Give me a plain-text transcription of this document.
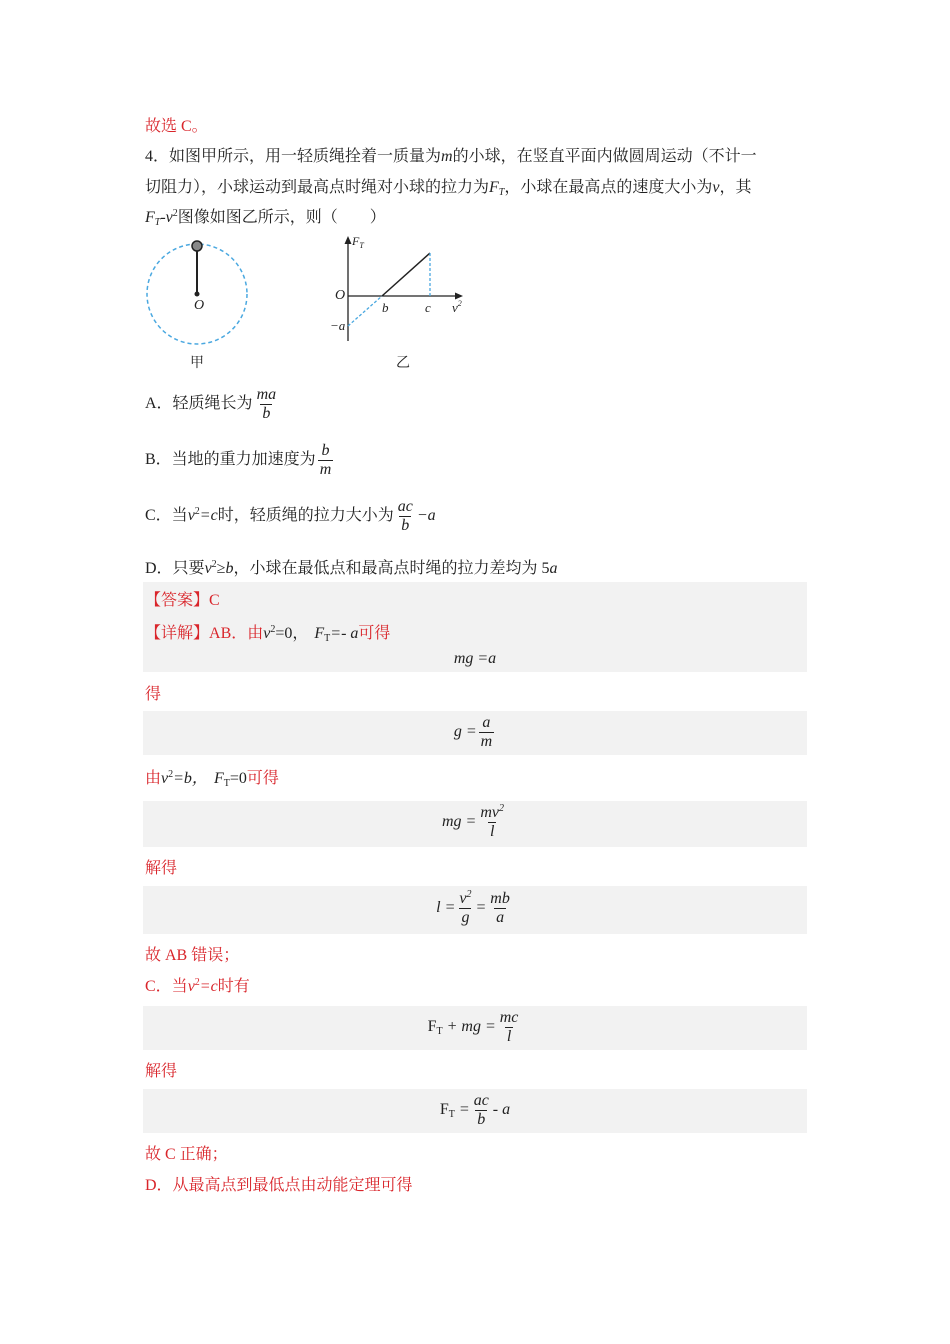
故选 C。
4．如图甲所示，用一轻质绳拴着一质量为m的小球，在竖直平面内做圆周运动（不计一
切阻力），小球运动到最高点时绳对小球的拉力为$F_T$，小球在最高点的速度大小为v，其
$F_T-v^2$图像如图乙所示，则（　　）
O
甲
$F_T$
O
b	c $v^2$
−a
乙
A．轻质绳长为 $\frac{ma}{b}$
B．当地的重力加速度为 $\frac{b}{m}$
C．当$v^2=c$时，轻质绳的拉力大小为 $\frac{ac}{b} -a$
D．只要$v^2\ge b$，小球在最低点和最高点时绳的拉力差均为 5a
【答案】C
【详解】AB．由$v^2=0$， $F_T=-$ a可得
mg =a
得
$g = \frac{a}{m}$
由$v^2=b$， $F_T=0$可得
mg = $\frac{mv^2}{l}$
解得
$l = \frac{v^2}{g} = \frac{mb}{a}$
故 AB 错误；
C．当$v^2=c$时有
$F_T$ + mg = $\frac{mc}{l}$
解得
$F_T = \frac{ac}{b} - a$
故 C 正确；
D．从最高点到最低点由动能定理可得
